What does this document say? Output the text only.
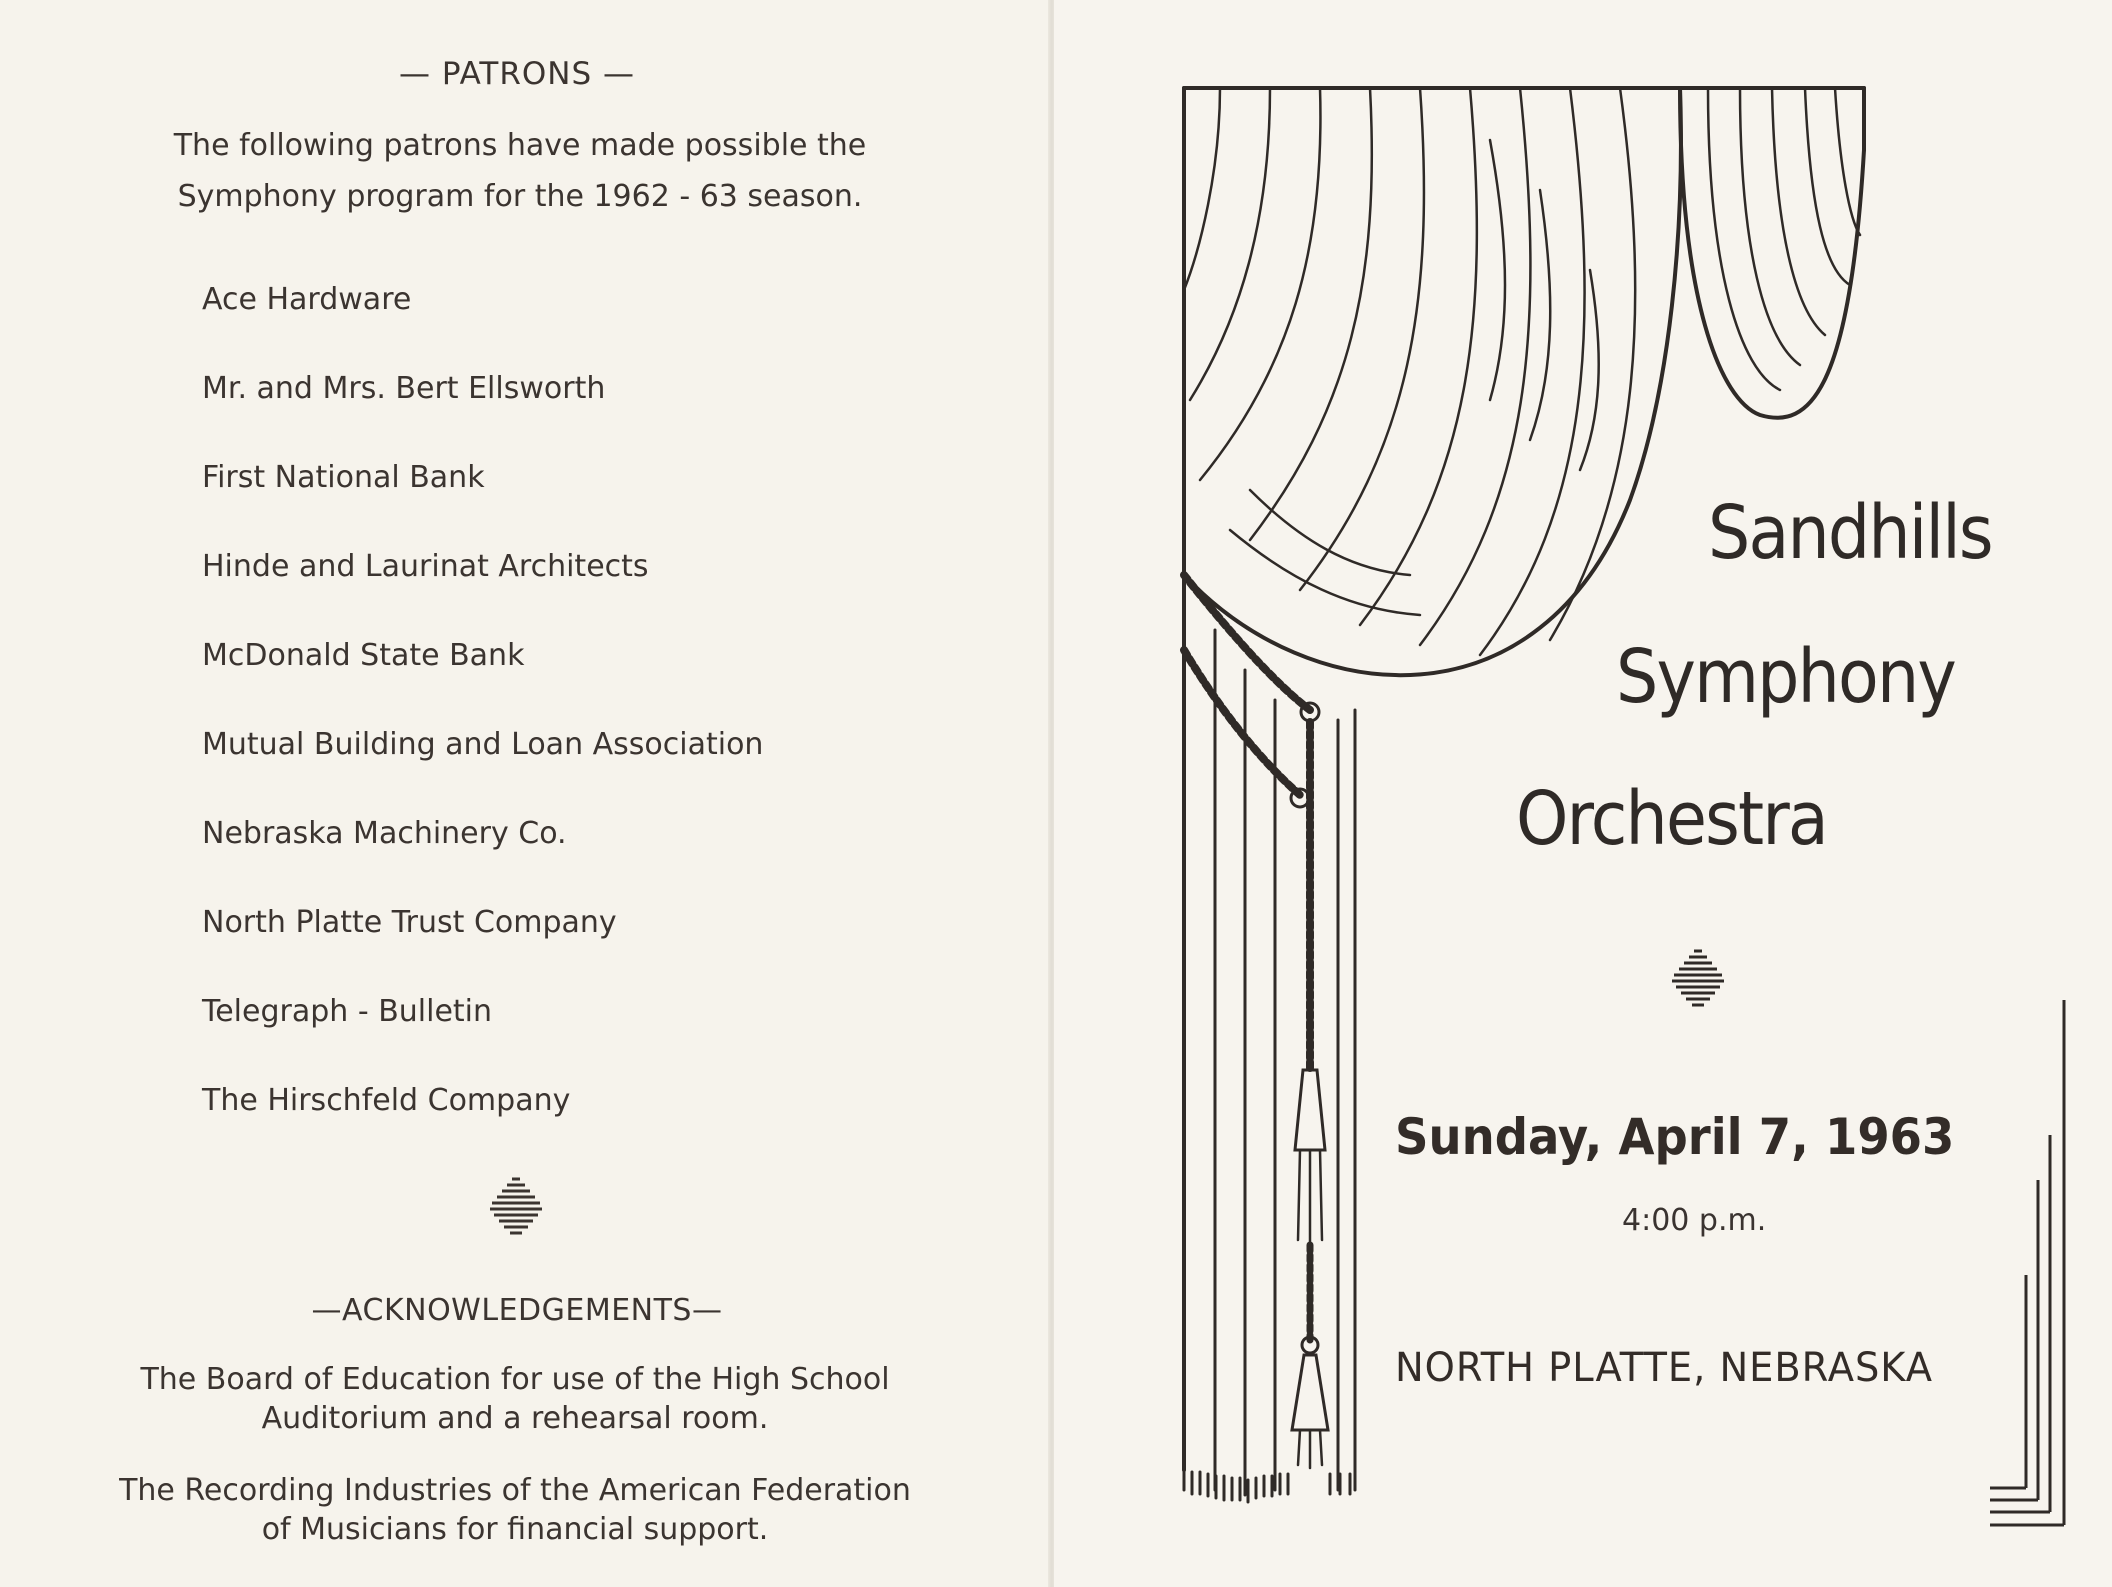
— PATRONS —
The following patrons have made possible the
Symphony program for the 1962 - 63 season.
Ace Hardware
Mr. and Mrs. Bert Ellsworth
First National Bank
Hinde and Laurinat Architects
McDonald State Bank
Mutual Building and Loan Association
Nebraska Machinery Co.
North Platte Trust Company
Telegraph - Bulletin
The Hirschfeld Company
—ACKNOWLEDGEMENTS—
The Board of Education for use of the High School
Auditorium and a rehearsal room.
The Recording Industries of the American Federation
of Musicians for financial support.
Sandhills
Symphony
Orchestra
Sunday, April 7, 1963
4:00 p.m.
NORTH PLATTE, NEBRASKA
